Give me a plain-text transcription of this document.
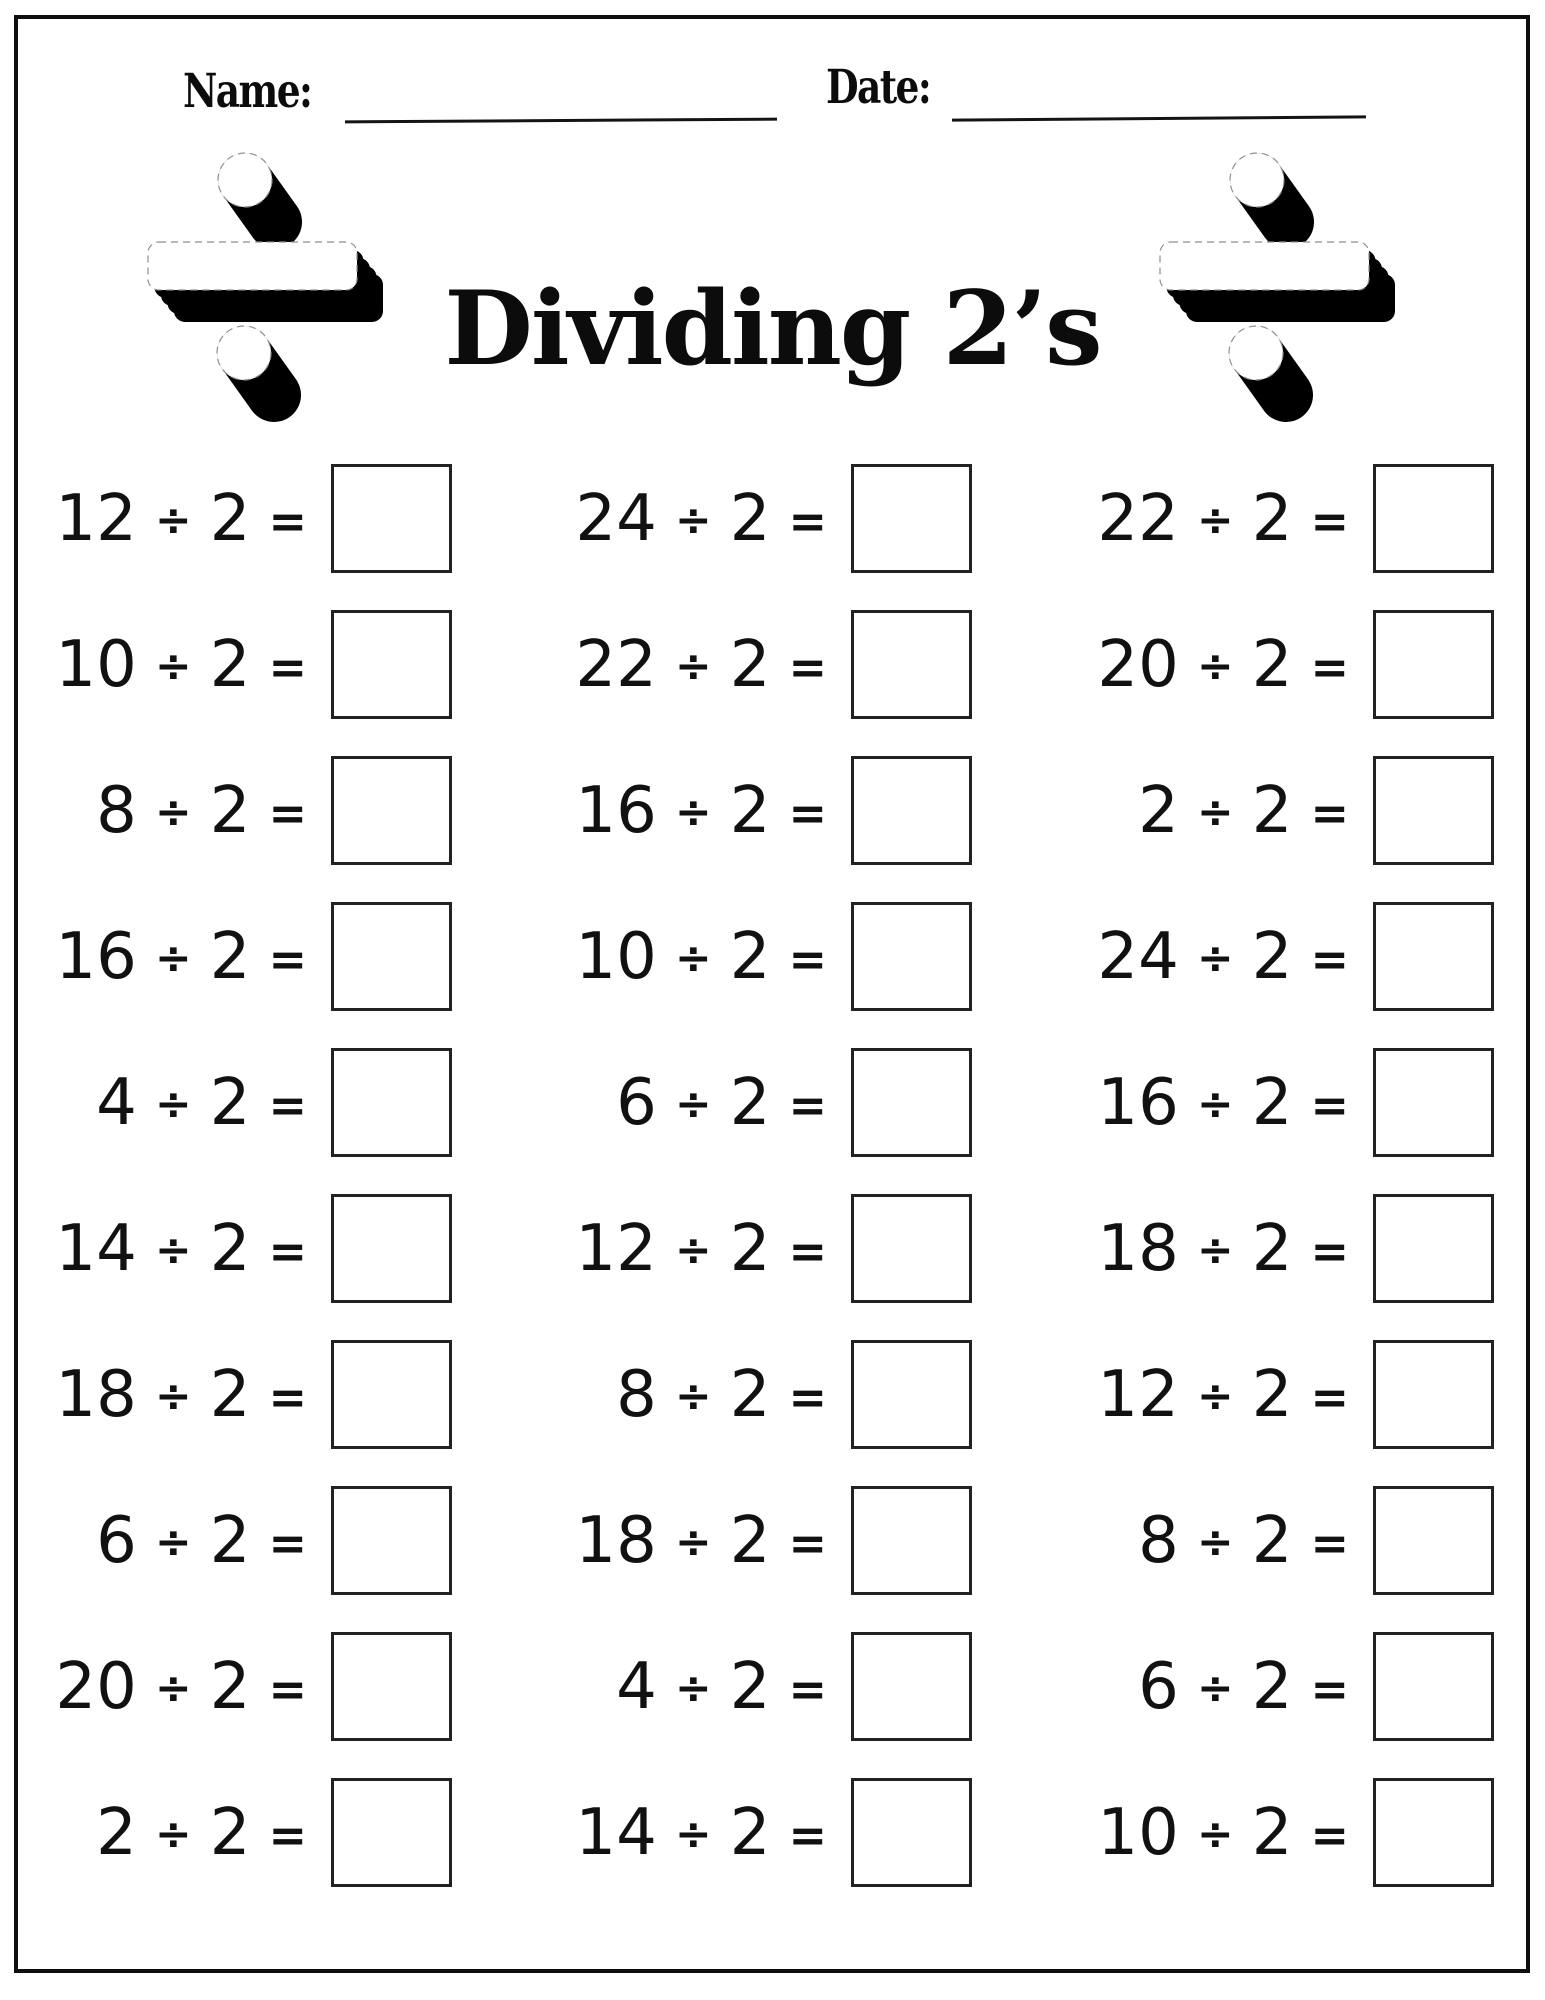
Name:	Date:
Dividing 2’s
12 ÷ 2 =
10 ÷ 2 =
8 ÷ 2 =
16 ÷ 2 =
4 ÷ 2 =
14 ÷ 2 =
18 ÷ 2 =
6 ÷ 2 =
20 ÷ 2 =
2 ÷ 2 =
24 ÷ 2 =
22 ÷ 2 =
16 ÷ 2 =
10 ÷ 2 =
6 ÷ 2 =
12 ÷ 2 =
8 ÷ 2 =
18 ÷ 2 =
4 ÷ 2 =
14 ÷ 2 =
22 ÷ 2 =
20 ÷ 2 =
2 ÷ 2 =
24 ÷ 2 =
16 ÷ 2 =
18 ÷ 2 =
12 ÷ 2 =
8 ÷ 2 =
6 ÷ 2 =
10 ÷ 2 =
